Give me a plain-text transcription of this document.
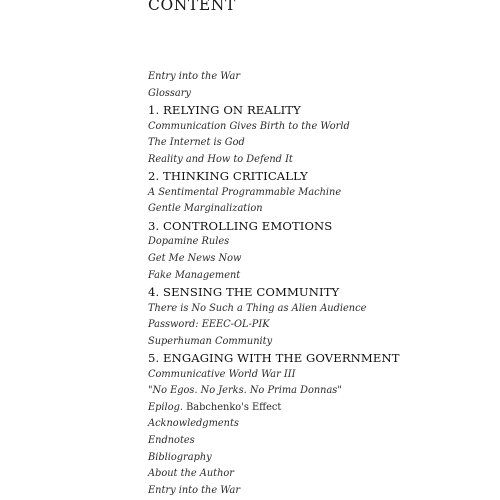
CONTENT
Entry into the War
Glossary
1. RELYING ON REALITY
Communication Gives Birth to the World
The Internet is God
Reality and How to Defend It
2. THINKING CRITICALLY
A Sentimental Programmable Machine
Gentle Marginalization
3. CONTROLLING EMOTIONS
Dopamine Rules
Get Me News Now
Fake Management
4. SENSING THE COMMUNITY
There is No Such a Thing as Alien Audience
Password: EEEC-OL-PIK
Superhuman Community
5. ENGAGING WITH THE GOVERNMENT
Communicative World War III
"No Egos. No Jerks. No Prima Donnas"
Epilog. Babchenko's Effect
Acknowledgments
Endnotes
Bibliography
About the Author
Entry into the War
